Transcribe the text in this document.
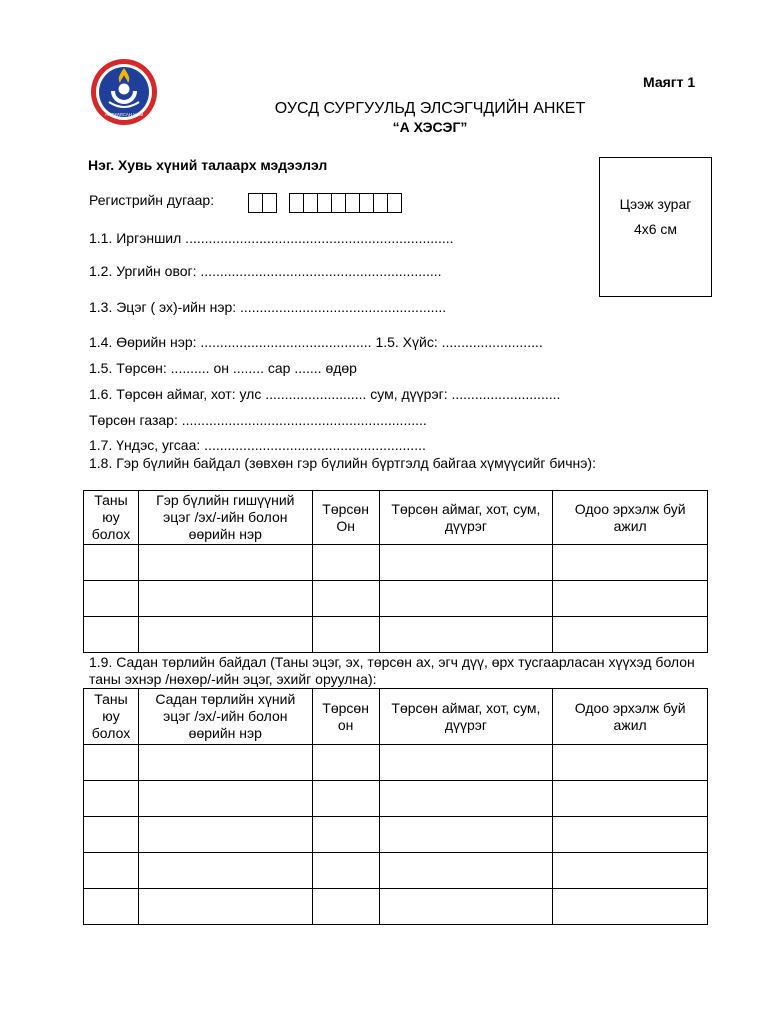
АРДЧИЛСАН НАМ
Маягт 1
ОУСД СУРГУУЛЬД ЭЛСЭГЧДИЙН АНКЕТ
“А ХЭСЭГ”
Нэг. Хувь хүний талаарх мэдээлэл
Цээж зураг
4х6 см
Регистрийн дугаар:
1.1. Иргэншил .....................................................................
1.2. Ургийн овог: ..............................................................
1.3. Эцэг ( эх)-ийн нэр: .....................................................
1.4. Өөрийн нэр: ............................................ 1.5. Хүйс: ..........................
1.5. Төрсөн: .......... он ........ сар ....... өдөр
1.6. Төрсөн аймаг, хот: улс .......................... сум, дүүрэг: ............................
Төрсөн газар: ...............................................................
1.7. Үндэс, угсаа: .........................................................
1.8. Гэр бүлийн байдал (зөвхөн гэр бүлийн бүртгэлд байгаа хүмүүсийг бичнэ):
Таны юу болох	Гэр бүлийн гишүүний эцэг /эх/-ийн болон өөрийн нэр	Төрсөн Он	Төрсөн аймаг, хот, сум, дүүрэг	Одоо эрхэлж буй ажил

1.9. Садан төрлийн байдал (Таны эцэг, эх, төрсөн ах, эгч дүү, өрх тусгаарласан хүүхэд болон таны эхнэр /нөхөр/-ийн эцэг, эхийг оруулна):
Таны юу болох	Садан төрлийн хүний эцэг /эх/-ийн болон өөрийн нэр	Төрсөн он	Төрсөн аймаг, хот, сум, дүүрэг	Одоо эрхэлж буй ажил
